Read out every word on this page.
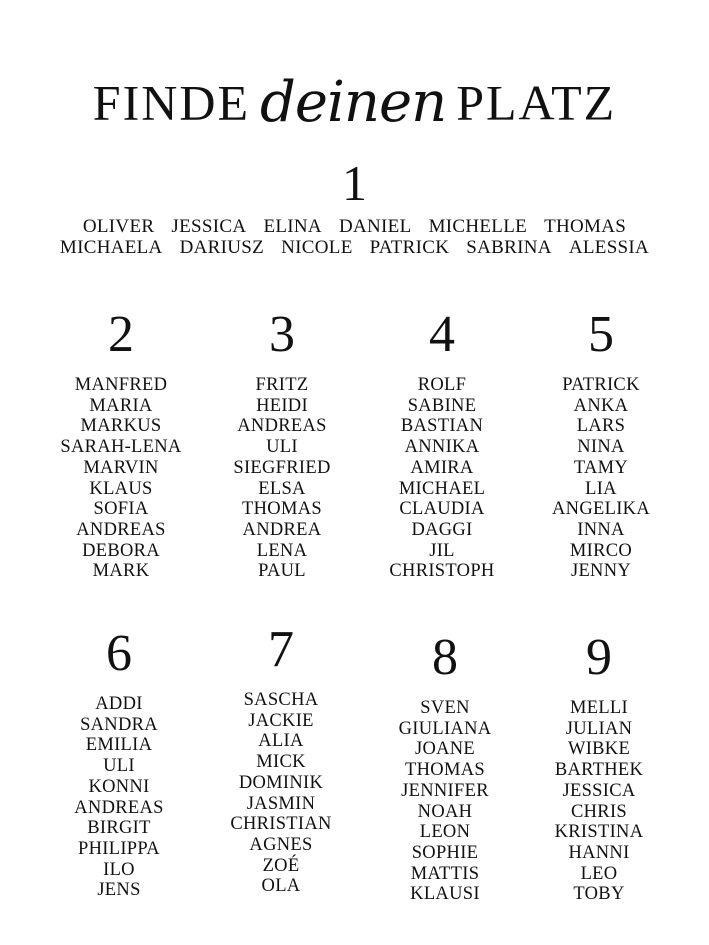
FINDE deinen PLATZ
1
OLIVER JESSICA ELINA DANIEL MICHELLE THOMAS
MICHAELA DARIUSZ NICOLE PATRICK SABRINA ALESSIA
2
MANFRED
MARIA
MARKUS
SARAH-LENA
MARVIN
KLAUS
SOFIA
ANDREAS
DEBORA
MARK
3
FRITZ
HEIDI
ANDREAS
ULI
SIEGFRIED
ELSA
THOMAS
ANDREA
LENA
PAUL
4
ROLF
SABINE
BASTIAN
ANNIKA
AMIRA
MICHAEL
CLAUDIA
DAGGI
JIL
CHRISTOPH
5
PATRICK
ANKA
LARS
NINA
TAMY
LIA
ANGELIKA
INNA
MIRCO
JENNY
6
ADDI
SANDRA
EMILIA
ULI
KONNI
ANDREAS
BIRGIT
PHILIPPA
ILO
JENS
7
SASCHA
JACKIE
ALIA
MICK
DOMINIK
JASMIN
CHRISTIAN
AGNES
ZOÉ
OLA
8
SVEN
GIULIANA
JOANE
THOMAS
JENNIFER
NOAH
LEON
SOPHIE
MATTIS
KLAUSI
9
MELLI
JULIAN
WIBKE
BARTHEK
JESSICA
CHRIS
KRISTINA
HANNI
LEO
TOBY
